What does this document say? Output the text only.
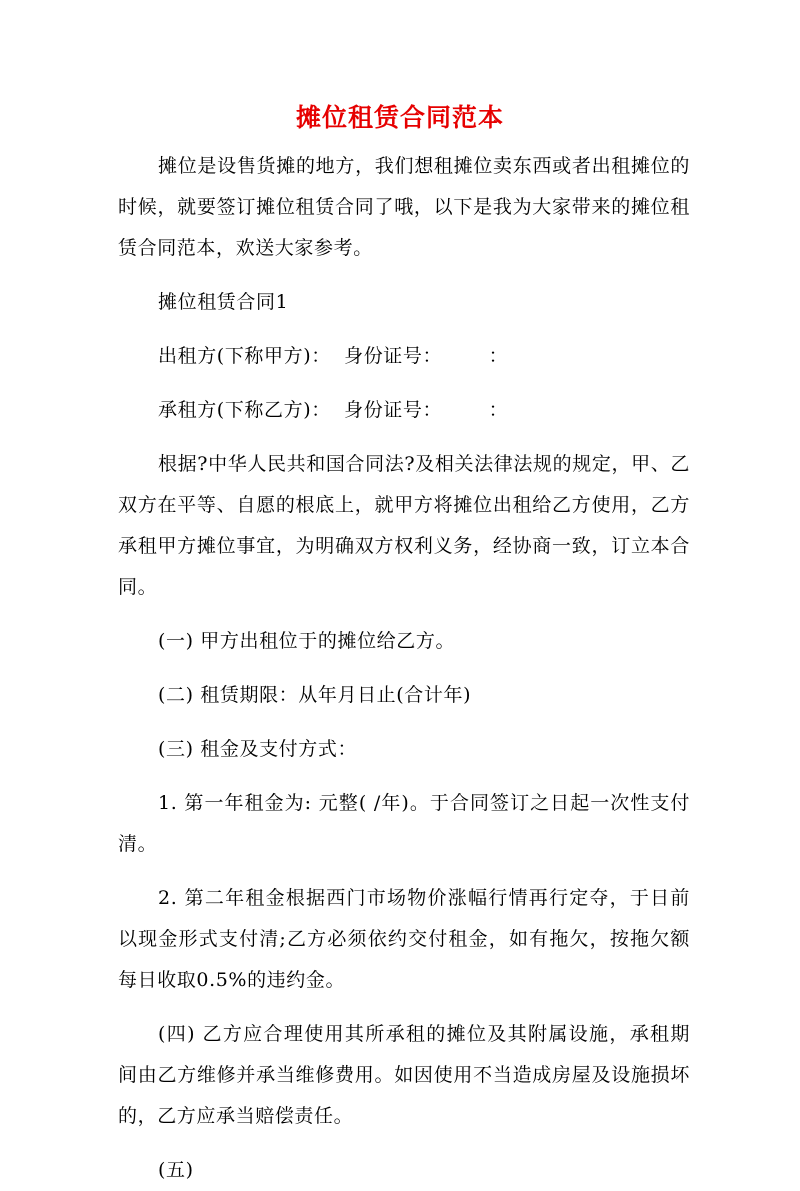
摊位租赁合同范本

摊位是设售货摊的地方，我们想租摊位卖东西或者出租摊位的时候，就要签订摊位租赁合同了哦，以下是我为大家带来的摊位租赁合同范本，欢送大家参考。

摊位租赁合同1

出租方(下称甲方)：  身份证号：       ：

承租方(下称乙方)：  身份证号：       ：

根据?中华人民共和国合同法?及相关法律法规的规定，甲、乙双方在平等、自愿的根底上，就甲方将摊位出租给乙方使用，乙方承租甲方摊位事宜，为明确双方权利义务，经协商一致，订立本合同。

(一) 甲方出租位于的摊位给乙方。

(二) 租赁期限：从年月日止(合计年)

(三) 租金及支付方式：

1. 第一年租金为: 元整( /年)。于合同签订之日起一次性支付清。

2. 第二年租金根据西门市场物价涨幅行情再行定夺，于日前以现金形式支付清;乙方必须依约交付租金，如有拖欠，按拖欠额每日收取0.5%的违约金。

(四) 乙方应合理使用其所承租的摊位及其附属设施，承租期间由乙方维修并承当维修费用。如因使用不当造成房屋及设施损坏的，乙方应承当赔偿责任。

(五)
